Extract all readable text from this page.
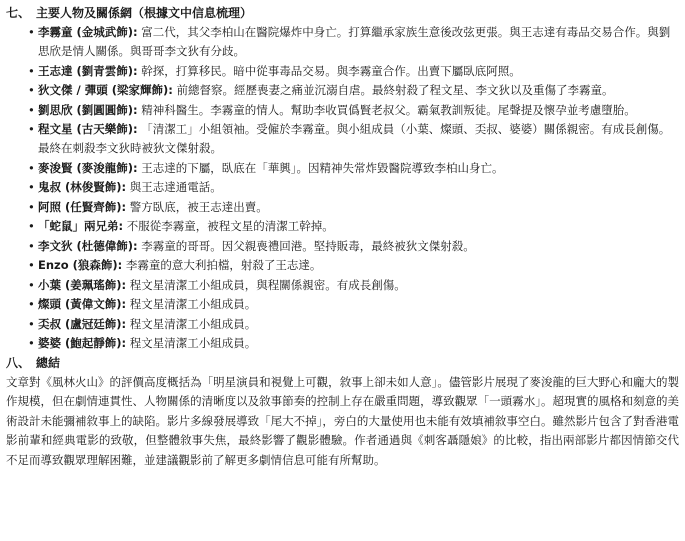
七、 主要人物及關係網（根據文中信息梳理）
• 李霧童 (金城武飾): 富二代，其父李柏山在醫院爆炸中身亡。打算繼承家族生意後改弦更張。與王志達有毒品交易合作。與劉思欣是情人關係。與哥哥李文狄有分歧。
• 王志達 (劉青雲飾): 幹探，打算移民。暗中從事毒品交易。與李霧童合作。出賣下屬臥底阿照。
• 狄文傑 / 彈頭 (梁家輝飾): 前總督察。經歷喪妻之痛並沉溺自虐。最終射殺了程文星、李文狄以及重傷了李霧童。
• 劉思欣 (劉圓圓飾): 精神科醫生。李霧童的情人。幫助李收買僞賢老叔父。霸氣教訓叛徒。尾聲提及懷孕並考慮墮胎。
• 程文星 (古天樂飾): 「清潔工」小組領袖。受僱於李霧童。與小組成員（小葉、燦頭、奀叔、婆婆）關係親密。有成長創傷。最終在刺殺李文狄時被狄文傑射殺。
• 麥浚賢 (麥浚龍飾): 王志達的下屬，臥底在「華興」。因精神失常炸毀醫院導致李柏山身亡。
• 鬼叔 (林俊賢飾): 與王志達通電話。
• 阿照 (任賢齊飾): 警方臥底，被王志達出賣。
• 「蛇鼠」兩兄弟: 不服從李霧童，被程文星的清潔工幹掉。
• 李文狄 (杜德偉飾): 李霧童的哥哥。因父親喪禮回港。堅持販毒，最終被狄文傑射殺。
• Enzo (狼森飾): 李霧童的意大利拍檔，射殺了王志達。
• 小葉 (姜珮瑤飾): 程文星清潔工小組成員，與程關係親密。有成長創傷。
• 燦頭 (黃偉文飾): 程文星清潔工小組成員。
• 奀叔 (盧冠廷飾): 程文星清潔工小組成員。
• 婆婆 (鮑起靜飾): 程文星清潔工小組成員。
八、 總結

文章對《風林火山》的評價高度概括為「明星演員和視覺上可觀，敘事上卻未如人意」。儘管影片展現了麥浚龍的巨大野心和龐大的製作規模，但在劇情連貫性、人物關係的清晰度以及敘事節奏的控制上存在嚴重問題，導致觀眾「一頭霧水」。超現實的風格和刻意的美術設計未能彌補敘事上的缺陷。影片多線發展導致「尾大不掉」，旁白的大量使用也未能有效填補敘事空白。雖然影片包含了對香港電影前輩和經典電影的致敬，但整體敘事失焦，最終影響了觀影體驗。作者通過與《刺客聶隱娘》的比較，指出兩部影片都因情節交代不足而導致觀眾理解困難，並建議觀影前了解更多劇情信息可能有所幫助。
